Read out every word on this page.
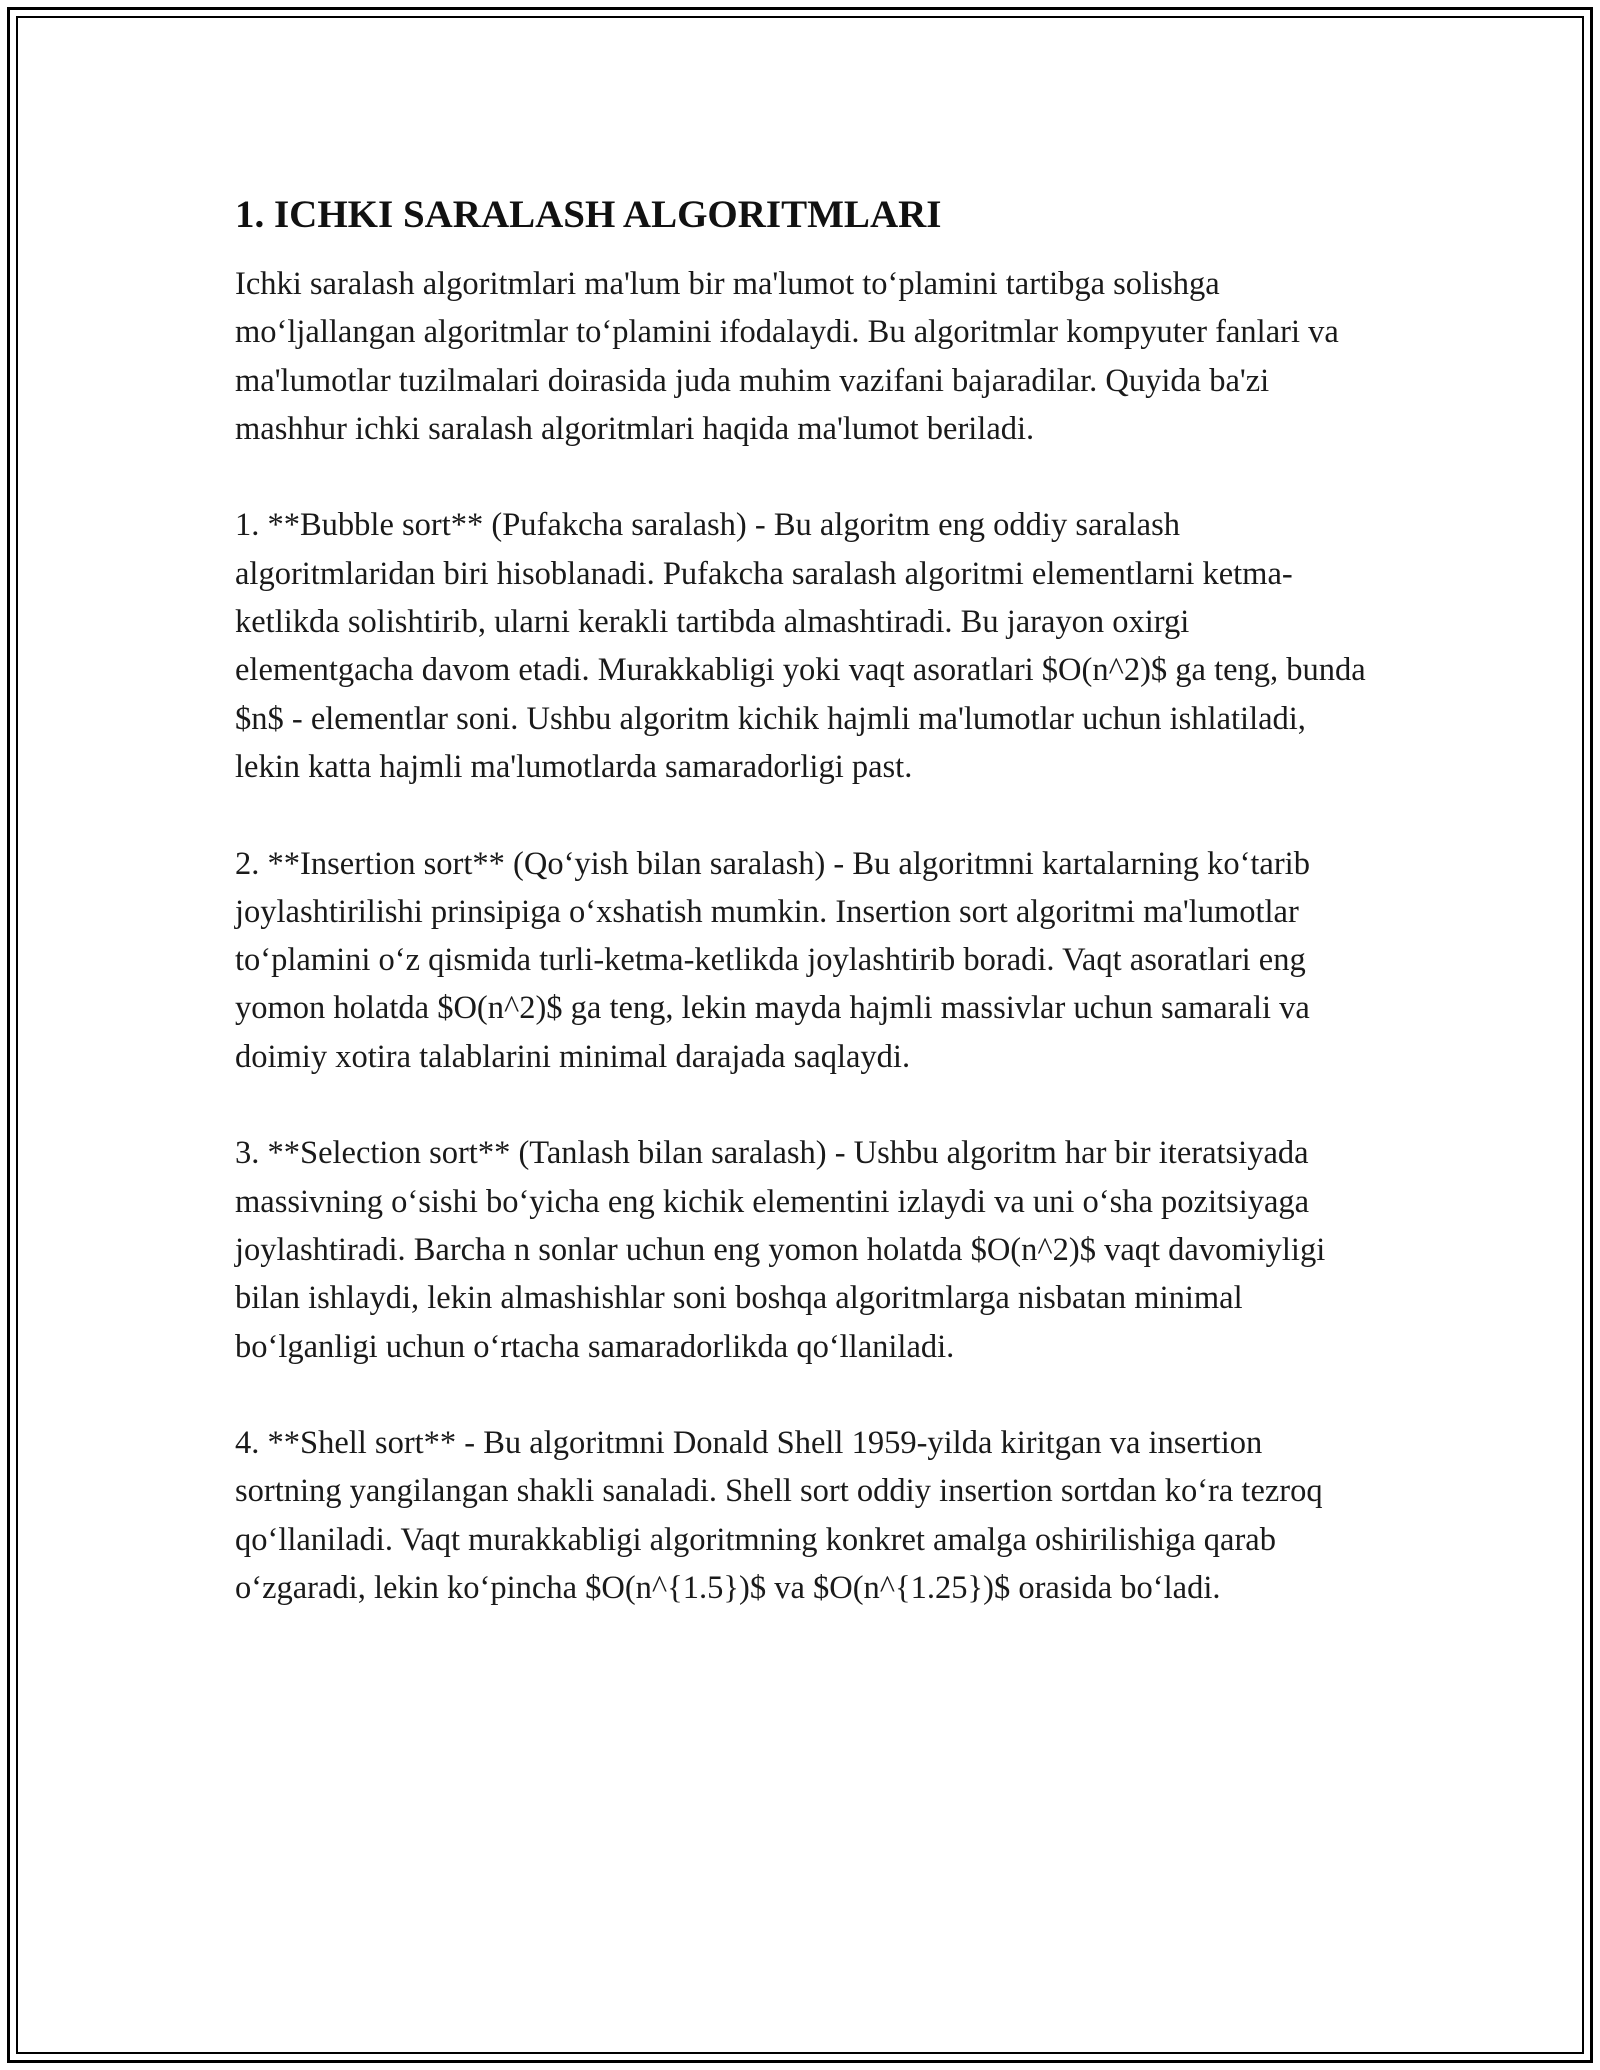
1. ICHKI SARALASH ALGORITMLARI

Ichki saralash algoritmlari ma'lum bir ma'lumot to‘plamini tartibga solishga mo‘ljallangan algoritmlar to‘plamini ifodalaydi. Bu algoritmlar kompyuter fanlari va ma'lumotlar tuzilmalari doirasida juda muhim vazifani bajaradilar. Quyida ba'zi mashhur ichki saralash algoritmlari haqida ma'lumot beriladi.

1. **Bubble sort** (Pufakcha saralash) - Bu algoritm eng oddiy saralash algoritmlaridan biri hisoblanadi. Pufakcha saralash algoritmi elementlarni ketma-ketlikda solishtirib, ularni kerakli tartibda almashtiradi. Bu jarayon oxirgi elementgacha davom etadi. Murakkabligi yoki vaqt asoratlari $O(n^2)$ ga teng, bunda $n$ - elementlar soni. Ushbu algoritm kichik hajmli ma'lumotlar uchun ishlatiladi, lekin katta hajmli ma'lumotlarda samaradorligi past.

2. **Insertion sort** (Qo‘yish bilan saralash) - Bu algoritmni kartalarning ko‘tarib joylashtirilishi prinsipiga o‘xshatish mumkin. Insertion sort algoritmi ma'lumotlar to‘plamini o‘z qismida turli-ketma-ketlikda joylashtirib boradi. Vaqt asoratlari eng yomon holatda $O(n^2)$ ga teng, lekin mayda hajmli massivlar uchun samarali va doimiy xotira talablarini minimal darajada saqlaydi.

3. **Selection sort** (Tanlash bilan saralash) - Ushbu algoritm har bir iteratsiyada massivning o‘sishi bo‘yicha eng kichik elementini izlaydi va uni o‘sha pozitsiyaga joylashtiradi. Barcha n sonlar uchun eng yomon holatda $O(n^2)$ vaqt davomiyligi bilan ishlaydi, lekin almashishlar soni boshqa algoritmlarga nisbatan minimal bo‘lganligi uchun o‘rtacha samaradorlikda qo‘llaniladi.

4. **Shell sort** - Bu algoritmni Donald Shell 1959-yilda kiritgan va insertion sortning yangilangan shakli sanaladi. Shell sort oddiy insertion sortdan ko‘ra tezroq qo‘llaniladi. Vaqt murakkabligi algoritmning konkret amalga oshirilishiga qarab o‘zgaradi, lekin ko‘pincha $O(n^{1.5})$ va $O(n^{1.25})$ orasida bo‘ladi.
